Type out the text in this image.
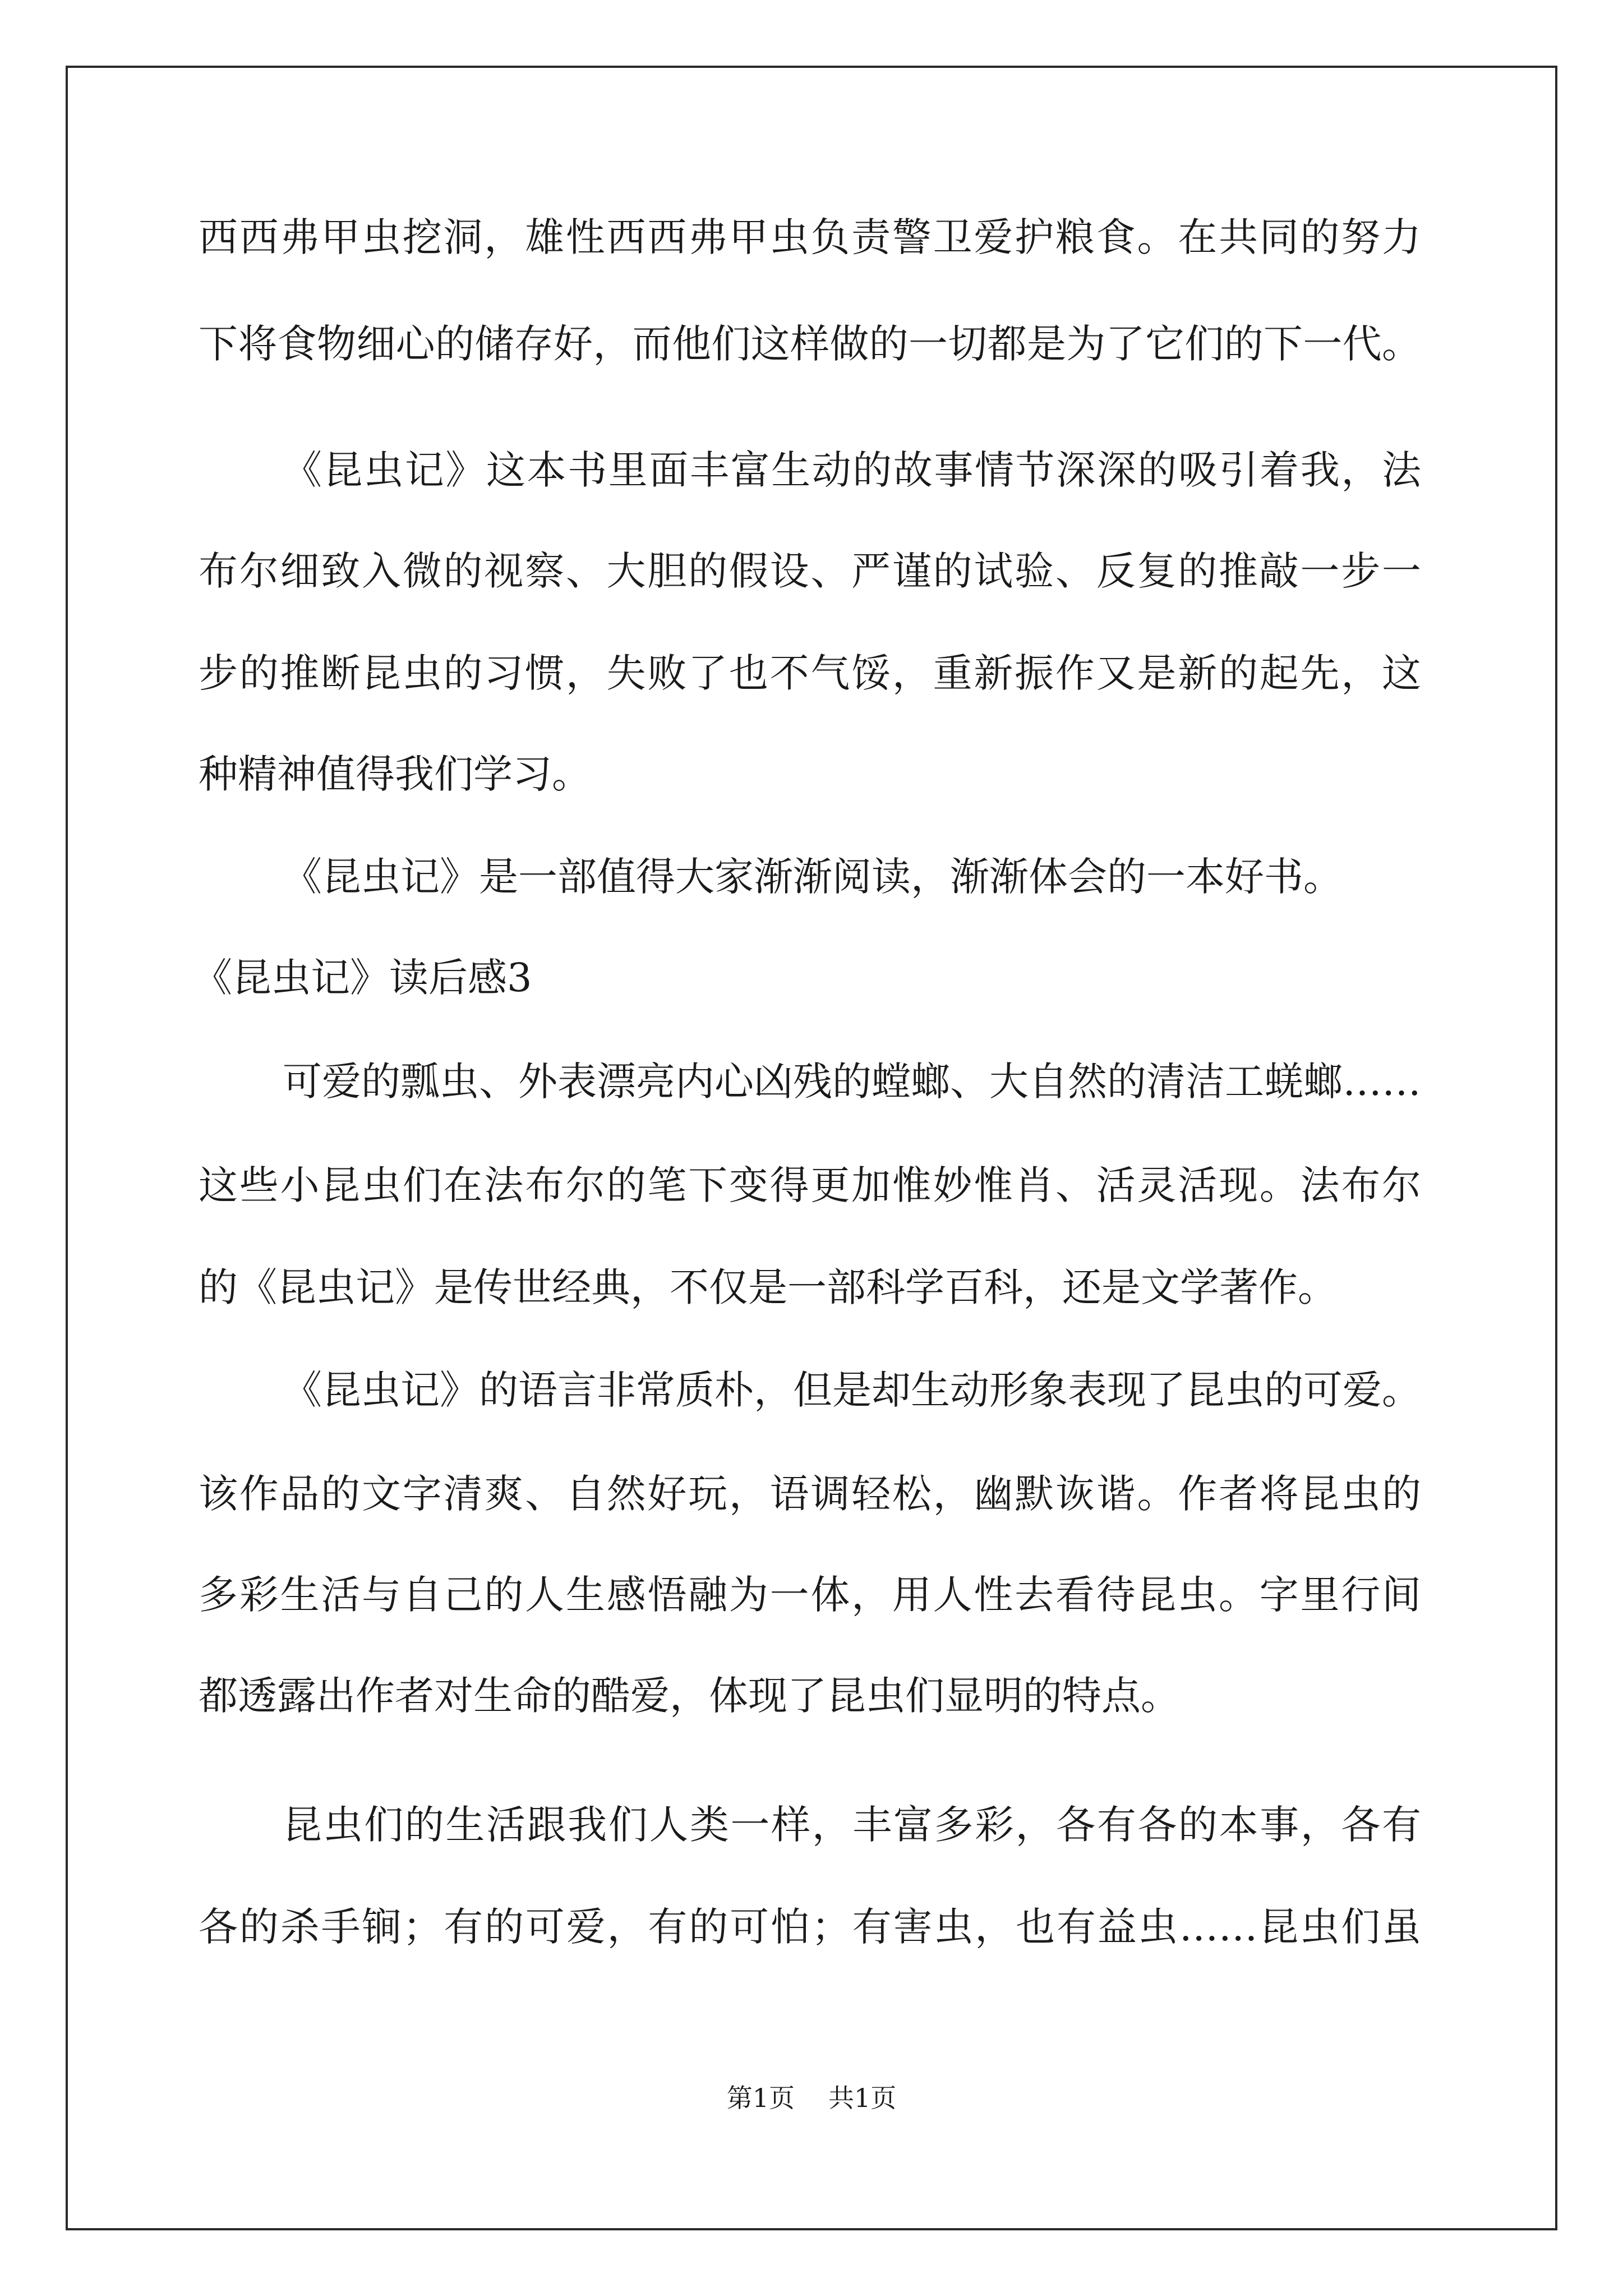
西西弗甲虫挖洞，雄性西西弗甲虫负责警卫爱护粮食。在共同的努力
下将食物细心的储存好，而他们这样做的一切都是为了它们的下一代。
《昆虫记》这本书里面丰富生动的故事情节深深的吸引着我，法
布尔细致入微的视察、大胆的假设、严谨的试验、反复的推敲一步一
步的推断昆虫的习惯，失败了也不气馁，重新振作又是新的起先，这
种精神值得我们学习。
《昆虫记》是一部值得大家渐渐阅读，渐渐体会的一本好书。
《昆虫记》读后感3
可爱的瓢虫、外表漂亮内心凶残的螳螂、大自然的清洁工蜣螂……
这些小昆虫们在法布尔的笔下变得更加惟妙惟肖、活灵活现。法布尔
的《昆虫记》是传世经典，不仅是一部科学百科，还是文学著作。
《昆虫记》的语言非常质朴，但是却生动形象表现了昆虫的可爱。
该作品的文字清爽、自然好玩，语调轻松，幽默诙谐。作者将昆虫的
多彩生活与自己的人生感悟融为一体，用人性去看待昆虫。字里行间
都透露出作者对生命的酷爱，体现了昆虫们显明的特点。
昆虫们的生活跟我们人类一样，丰富多彩，各有各的本事，各有
各的杀手锏；有的可爱，有的可怕；有害虫，也有益虫……昆虫们虽
第1页 共1页
